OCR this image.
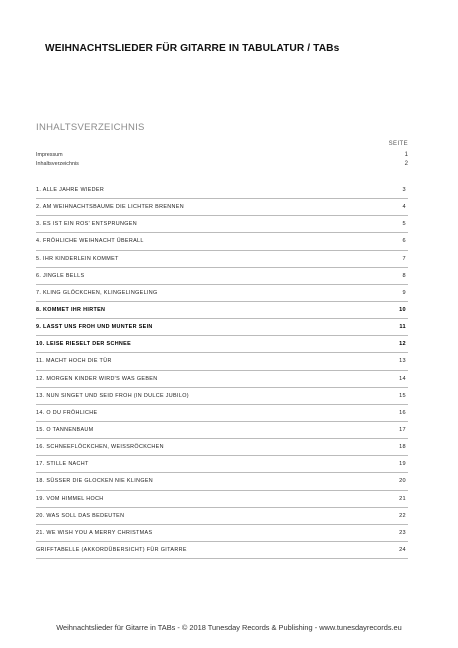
WEIHNACHTSLIEDER FÜR GITARRE IN TABULATUR / TABs
INHALTSVERZEICHNIS
SEITE
Impressum	1
Inhaltsverzeichnis	2
1. ALLE JAHRE WIEDER	3
2. AM WEIHNACHTSBAUME DIE LICHTER BRENNEN	4
3. ES IST EIN ROS' ENTSPRUNGEN	5
4. FRÖHLICHE WEIHNACHT ÜBERALL	6
5. IHR KINDERLEIN KOMMET	7
6. JINGLE BELLS	8
7. KLING GLÖCKCHEN, KLINGELINGELING	9
8. KOMMET IHR HIRTEN	10
9. LASST UNS FROH UND MUNTER SEIN	11
10. LEISE RIESELT DER SCHNEE	12
11. MACHT HOCH DIE TÜR	13
12. MORGEN KINDER WIRD'S WAS GEBEN	14
13. NUN SINGET UND SEID FROH (IN DULCE JUBILO)	15
14. O DU FRÖHLICHE	16
15. O TANNENBAUM	17
16. SCHNEEFLÖCKCHEN, WEISSRÖCKCHEN	18
17. STILLE NACHT	19
18. SÜSSER DIE GLOCKEN NIE KLINGEN	20
19. VOM HIMMEL HOCH	21
20. WAS SOLL DAS BEDEUTEN	22
21. WE WISH YOU A MERRY CHRISTMAS	23
GRIFFTABELLE (AKKORDÜBERSICHT) FÜR GITARRE	24
Weihnachtslieder für Gitarre in TABs - © 2018 Tunesday Records & Publishing - www.tunesdayrecords.eu
